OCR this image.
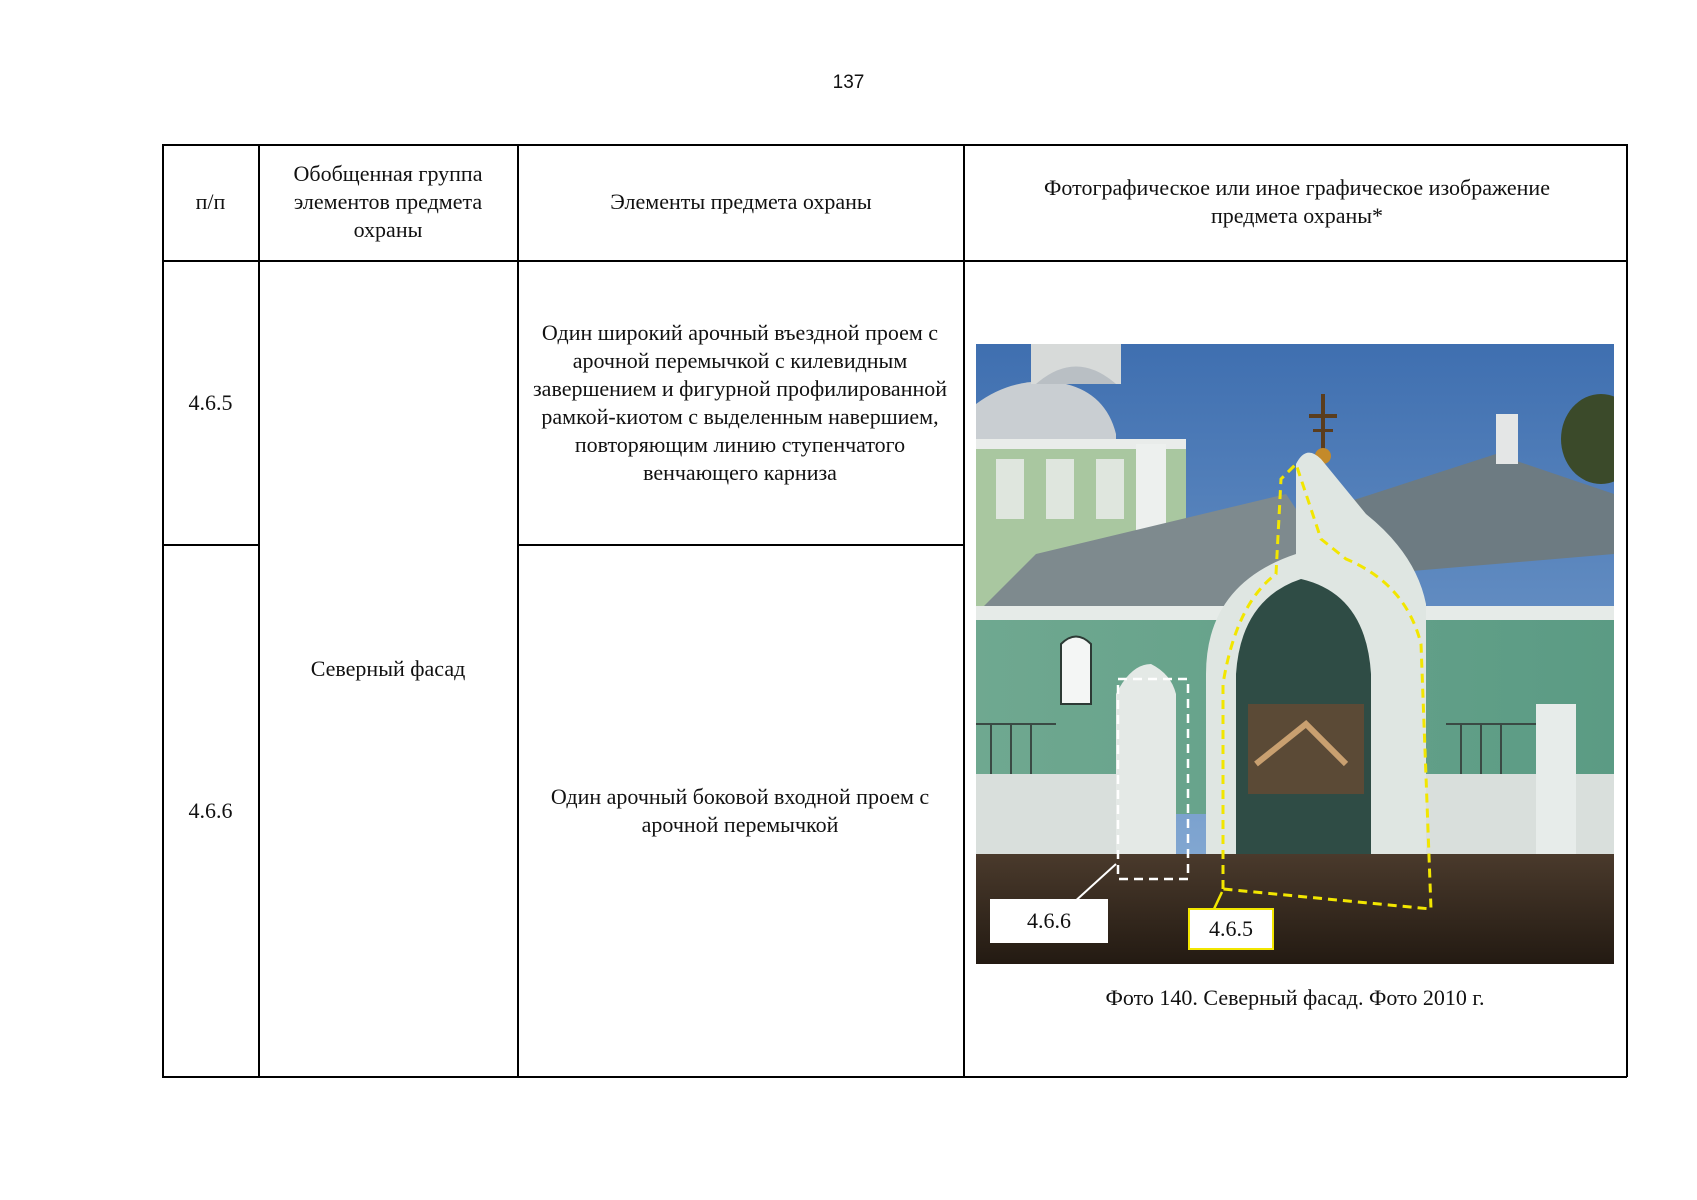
137
п/п
Обобщенная группа элементов предмета охраны
Элементы предмета охраны
Фотографическое или иное графическое изображение предмета охраны*
4.6.5
4.6.6
Северный фасад
Один широкий арочный въездной проем с арочной перемычкой с килевидным завершением и фигурной профилированной рамкой-киотом с выделенным навершием, повторяющим линию ступенчатого венчающего карниза
Один арочный боковой входной проем с арочной перемычкой
4.6.6	4.6.5
Фото 140. Северный фасад. Фото 2010 г.
